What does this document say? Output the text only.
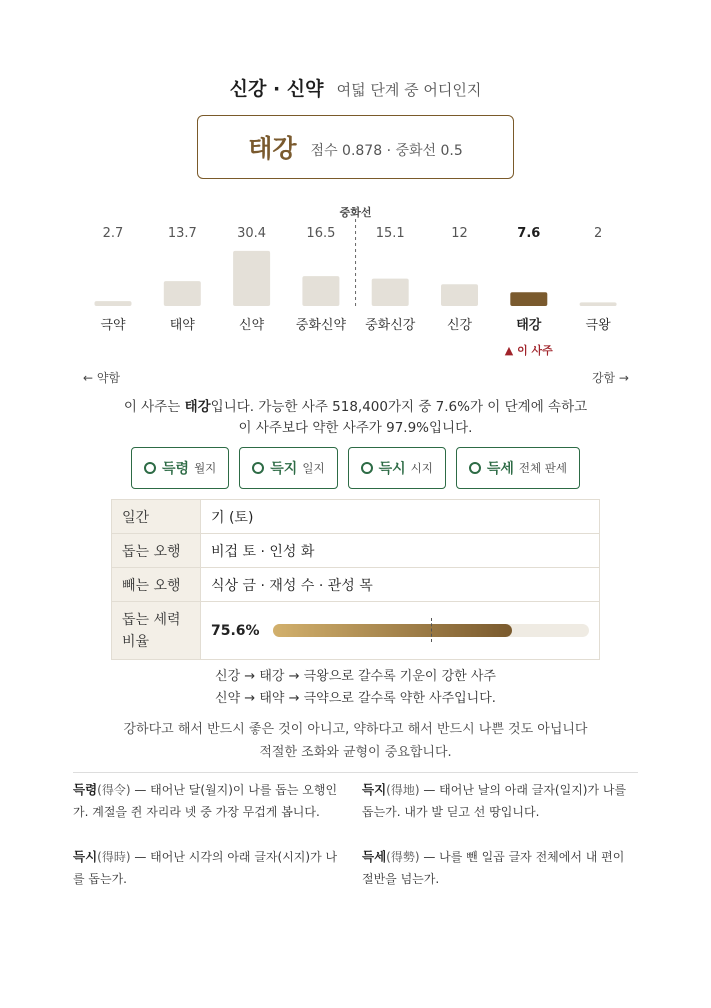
신강 · 신약 여덟 단계 중 어디인지
태강 점수 0.878 · 중화선 0.5
2.7
극약
13.7
태약
30.4
신약
16.5
중화신약
15.1
중화신강
12
신강
7.6
태강
▲ 이 사주
2
극왕
중화선
← 약함	강함 →
이 사주는 태강입니다. 가능한 사주 518,400가지 중 7.6%가 이 단계에 속하고
이 사주보다 약한 사주가 97.9%입니다.
득령 월지	득지 일지	득시 시지	득세 전체 판세
일간	기 (토)
돕는 오행	비겁 토 · 인성 화
빼는 오행	식상 금 · 재성 수 · 관성 목
돕는 세력
비율	75.6%
신강 → 태강 → 극왕으로 갈수록 기운이 강한 사주
신약 → 태약 → 극약으로 갈수록 약한 사주입니다.
강하다고 해서 반드시 좋은 것이 아니고, 약하다고 해서 반드시 나쁜 것도 아닙니다
적절한 조화와 균형이 중요합니다.
득령(得令) — 태어난 달(월지)이 나를 돕는 오행인가. 계절을 쥔 자리라 넷 중 가장 무겁게 봅니다.
득지(得地) — 태어난 날의 아래 글자(일지)가 나를 돕는가. 내가 발 딛고 선 땅입니다.
득시(得時) — 태어난 시각의 아래 글자(시지)가 나를 돕는가.
득세(得勢) — 나를 뺀 일곱 글자 전체에서 내 편이 절반을 넘는가.
